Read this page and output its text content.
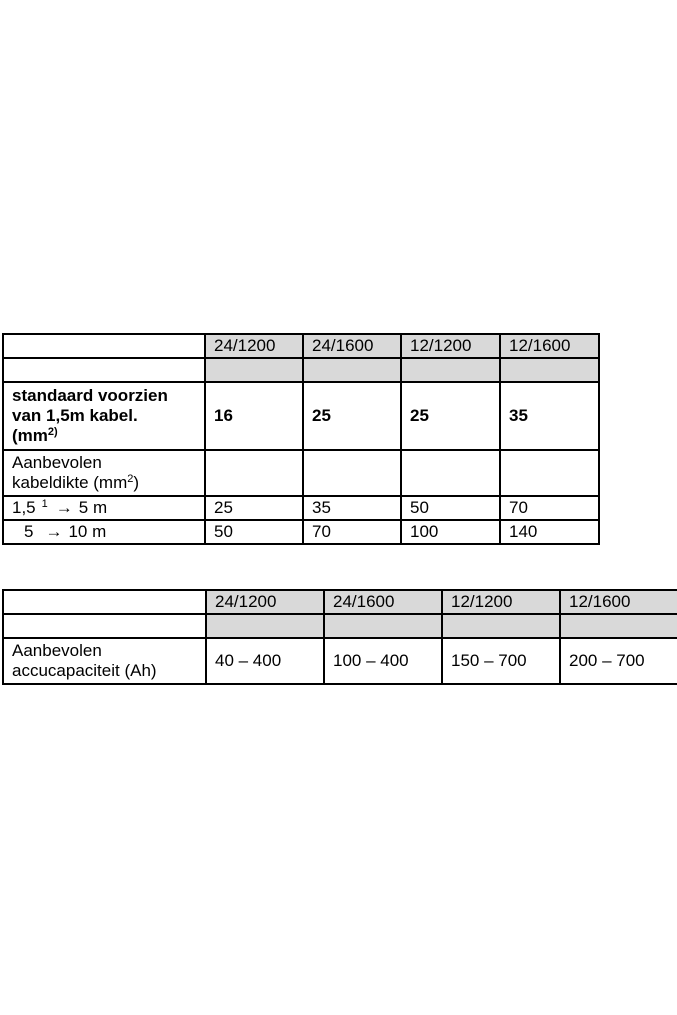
	24/1200	24/1600	12/1200	12/1600

standaard voorzien
van 1,5m kabel.
($mm^{2)}$	16	25	25	35

Aanbevolen
kabeldikte $(mm^2)$				

1,5 $^1$ → 5 m	25	35	50	70
5 → 10 m	50	70	100	140
	24/1200	24/1600	12/1200	12/1600

Aanbevolen
accucapaciteit (Ah)	40 – 400	100 – 400	150 – 700	200 – 700
